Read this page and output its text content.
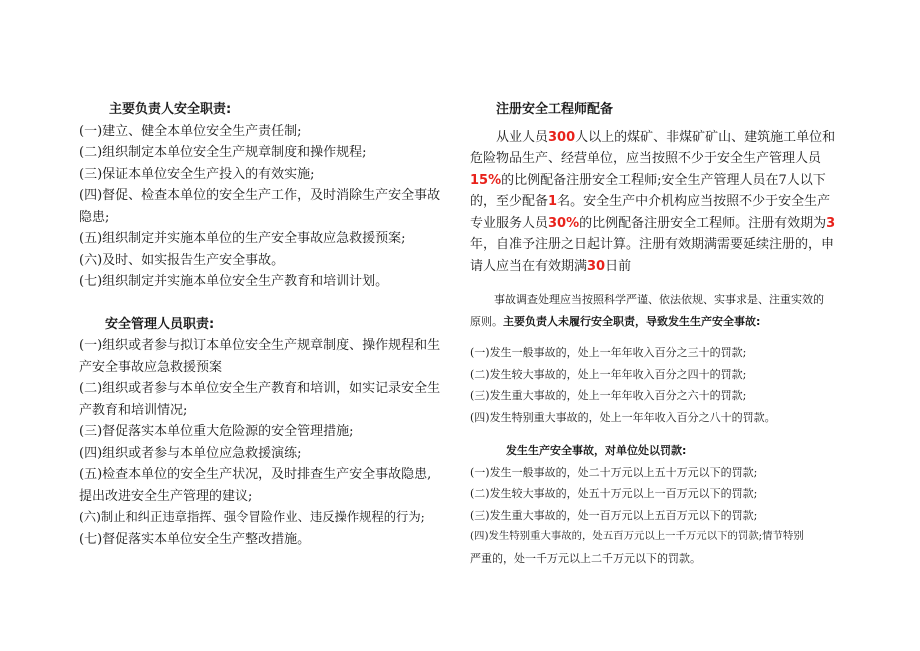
主要负责人安全职责:

(一)建立、健全本单位安全生产责任制;

(二)组织制定本单位安全生产规章制度和操作规程;

(三)保证本单位安全生产投入的有效实施;

(四)督促、检查本单位的安全生产工作，及时消除生产安全事故

隐患;

(五)组织制定并实施本单位的生产安全事故应急救援预案;

(六)及时、如实报告生产安全事故。

(七)组织制定并实施本单位安全生产教育和培训计划。

安全管理人员职责:

(一)组织或者参与拟订本单位安全生产规章制度、操作规程和生

产安全事故应急救援预案

(二)组织或者参与本单位安全生产教育和培训，如实记录安全生

产教育和培训情况;

(三)督促落实本单位重大危险源的安全管理措施;

(四)组织或者参与本单位应急救援演练;

(五)检查本单位的安全生产状况，及时排查生产安全事故隐患,

提出改进安全生产管理的建议;

(六)制止和纠正违章指挥、强令冒险作业、违反操作规程的行为;

(七)督促落实本单位安全生产整改措施。

注册安全工程师配备

从业人员300人以上的煤矿、非煤矿矿山、建筑施工单位和危险物品生产、经营单位，应当按照不少于安全生产管理人员15%的比例配备注册安全工程师;安全生产管理人员在7人以下的，至少配备1名。安全生产中介机构应当按照不少于安全生产专业服务人员30%的比例配备注册安全工程师。注册有效期为3年，自准予注册之日起计算。注册有效期满需要延续注册的，申请人应当在有效期满30日前

事故调查处理应当按照科学严谨、依法依规、实事求是、注重实效的

原则。主要负责人未履行安全职责，导致发生生产安全事故:

(一)发生一般事故的，处上一年年收入百分之三十的罚款;

(二)发生较大事故的，处上一年年收入百分之四十的罚款;

(三)发生重大事故的，处上一年年收入百分之六十的罚款;

(四)发生特别重大事故的，处上一年年收入百分之八十的罚款。

发生生产安全事故，对单位处以罚款:

(一)发生一般事故的，处二十万元以上五十万元以下的罚款;

(二)发生较大事故的，处五十万元以上一百万元以下的罚款;

(三)发生重大事故的，处一百万元以上五百万元以下的罚款;

(四)发生特别重大事故的，处五百万元以上一千万元以下的罚款;情节特别

严重的，处一千万元以上二千万元以下的罚款。
